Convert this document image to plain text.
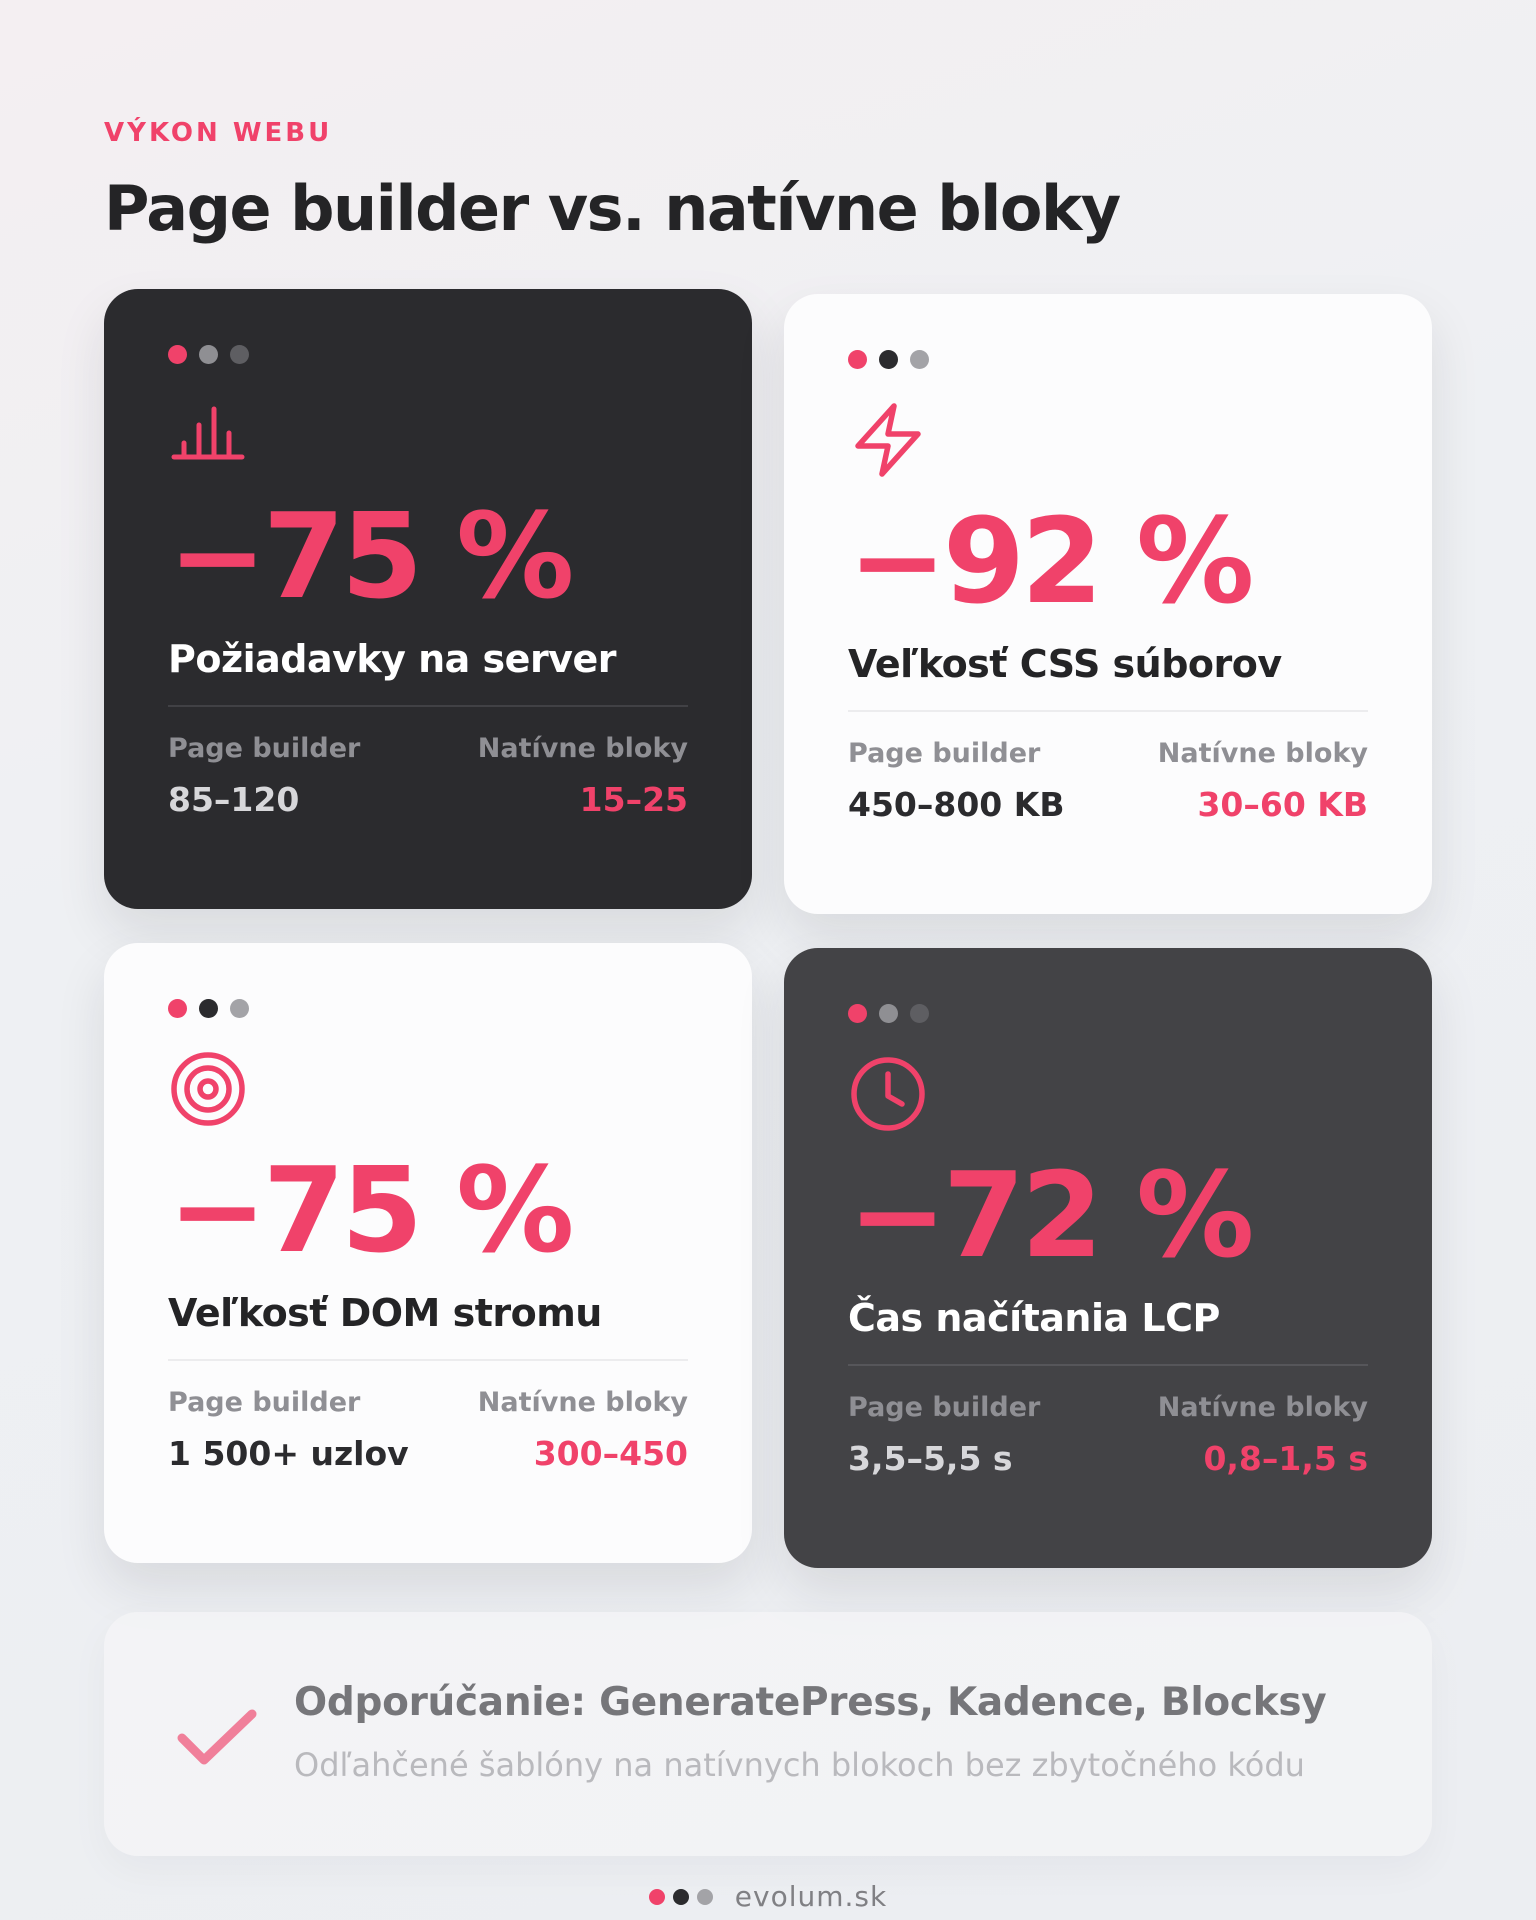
VÝKON WEBU
Page builder vs. natívne bloky
−75 %
Požiadavky na server
Page builder
85–120
Natívne bloky
15–25
−92 %
Veľkosť CSS súborov
Page builder
450–800 KB
Natívne bloky
30–60 KB
−75 %
Veľkosť DOM stromu
Page builder
1 500+ uzlov
Natívne bloky
300–450
−72 %
Čas načítania LCP
Page builder
3,5–5,5 s
Natívne bloky
0,8–1,5 s
Odporúčanie: GeneratePress, Kadence, Blocksy
Odľahčené šablóny na natívnych blokoch bez zbytočného kódu
evolum.sk
